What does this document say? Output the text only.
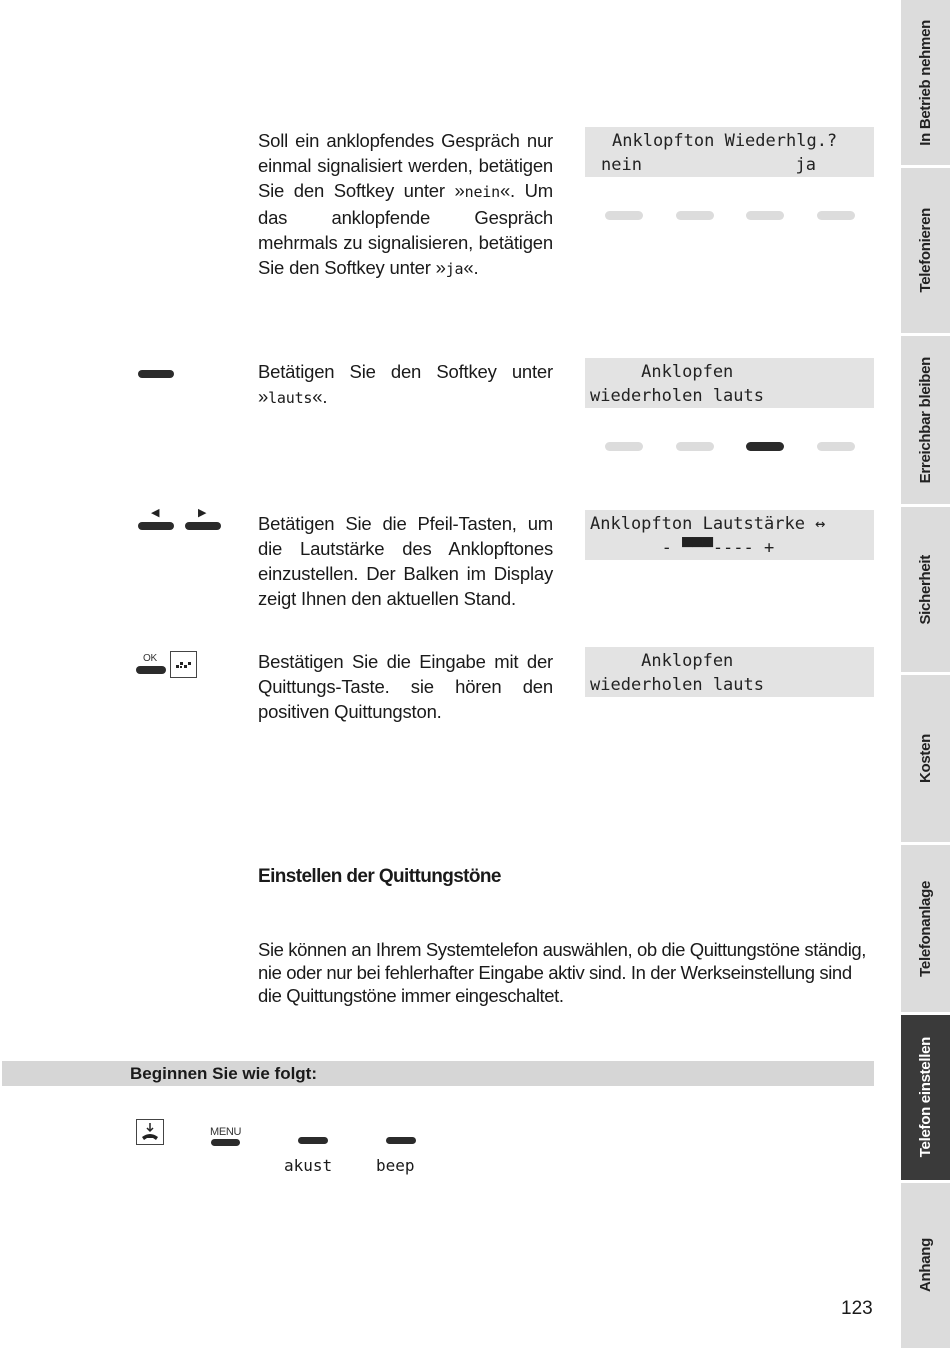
Soll ein anklopfendes Gespräch nur einmal signalisiert werden, betätigen Sie den Softkey unter »nein«. Um das anklopfende Gespräch mehrmals zu signalisieren, betätigen Sie den Softkey unter »ja«.
Anklopfton Wiederhlg.?
nein               ja
Betätigen Sie den Softkey unter »lauts«.
Anklopfen
wiederholen lauts
◀	▶	Betätigen Sie die Pfeil-Tasten, um die Lautstärke des Anklopftones einzustellen. Der Balken im Display zeigt Ihnen den aktuellen Stand.
Anklopfton Lautstärke ↔
- ▀▀▀---- +
OK	Bestätigen Sie die Eingabe mit der Quittungs-Taste. sie hören den positiven Quittungston.
Anklopfen
wiederholen lauts
Einstellen der Quittungstöne
Sie können an Ihrem Systemtelefon auswählen, ob die Quittungstöne ständig, nie oder nur bei fehlerhafter Eingabe aktiv sind. In der Werkseinstellung sind die Quittungstöne immer eingeschaltet.
Beginnen Sie wie folgt:
MENU
akust	beep
123
In Betrieb nehmen
Telefonieren
Erreichbar bleiben
Sicherheit
Kosten
Telefonanlage
Telefon einstellen
Anhang
